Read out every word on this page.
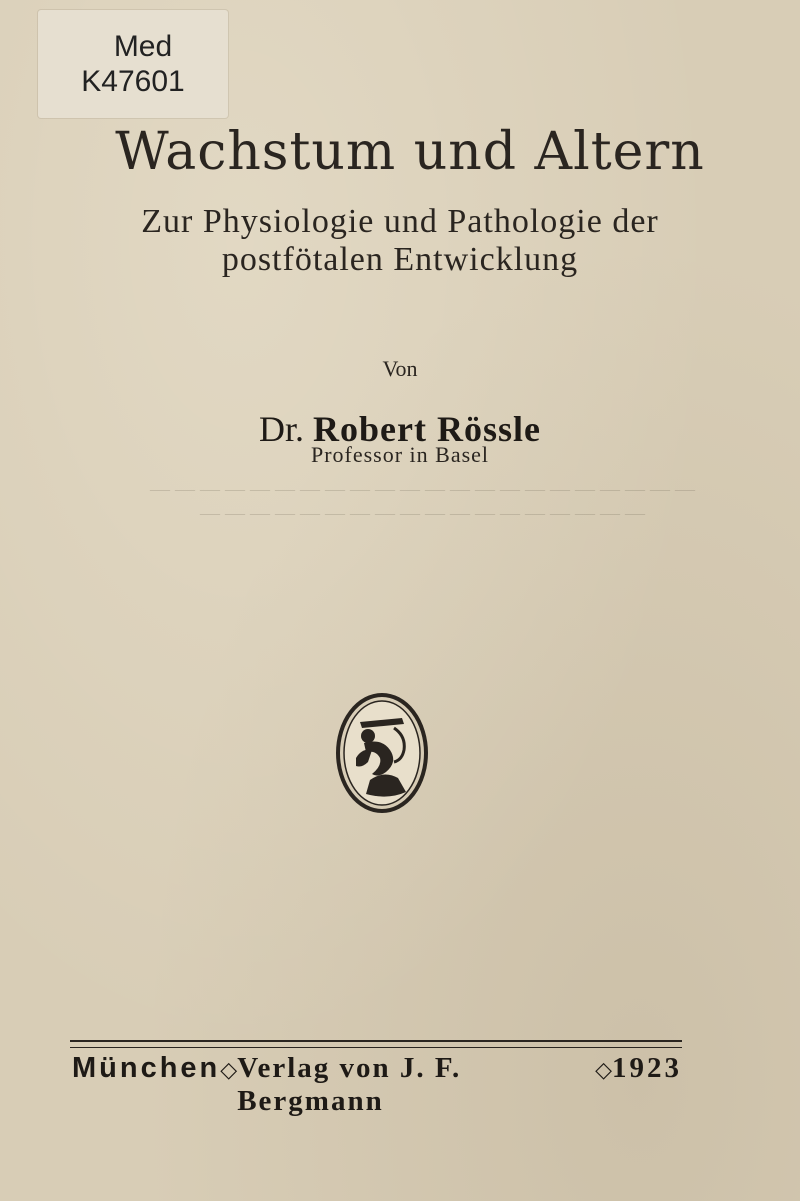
Med
K47601
Wachstum und Altern
Zur Physiologie und Pathologie der
postfötalen Entwicklung
Von
Dr. Robert Rössle
Professor in Basel
— — — — — — — — — — — — — — — — — — — — — —
— — — — — — — — — — — — — — — — — —
München ◇ Verlag von J. F. Bergmann
◇ 1923
